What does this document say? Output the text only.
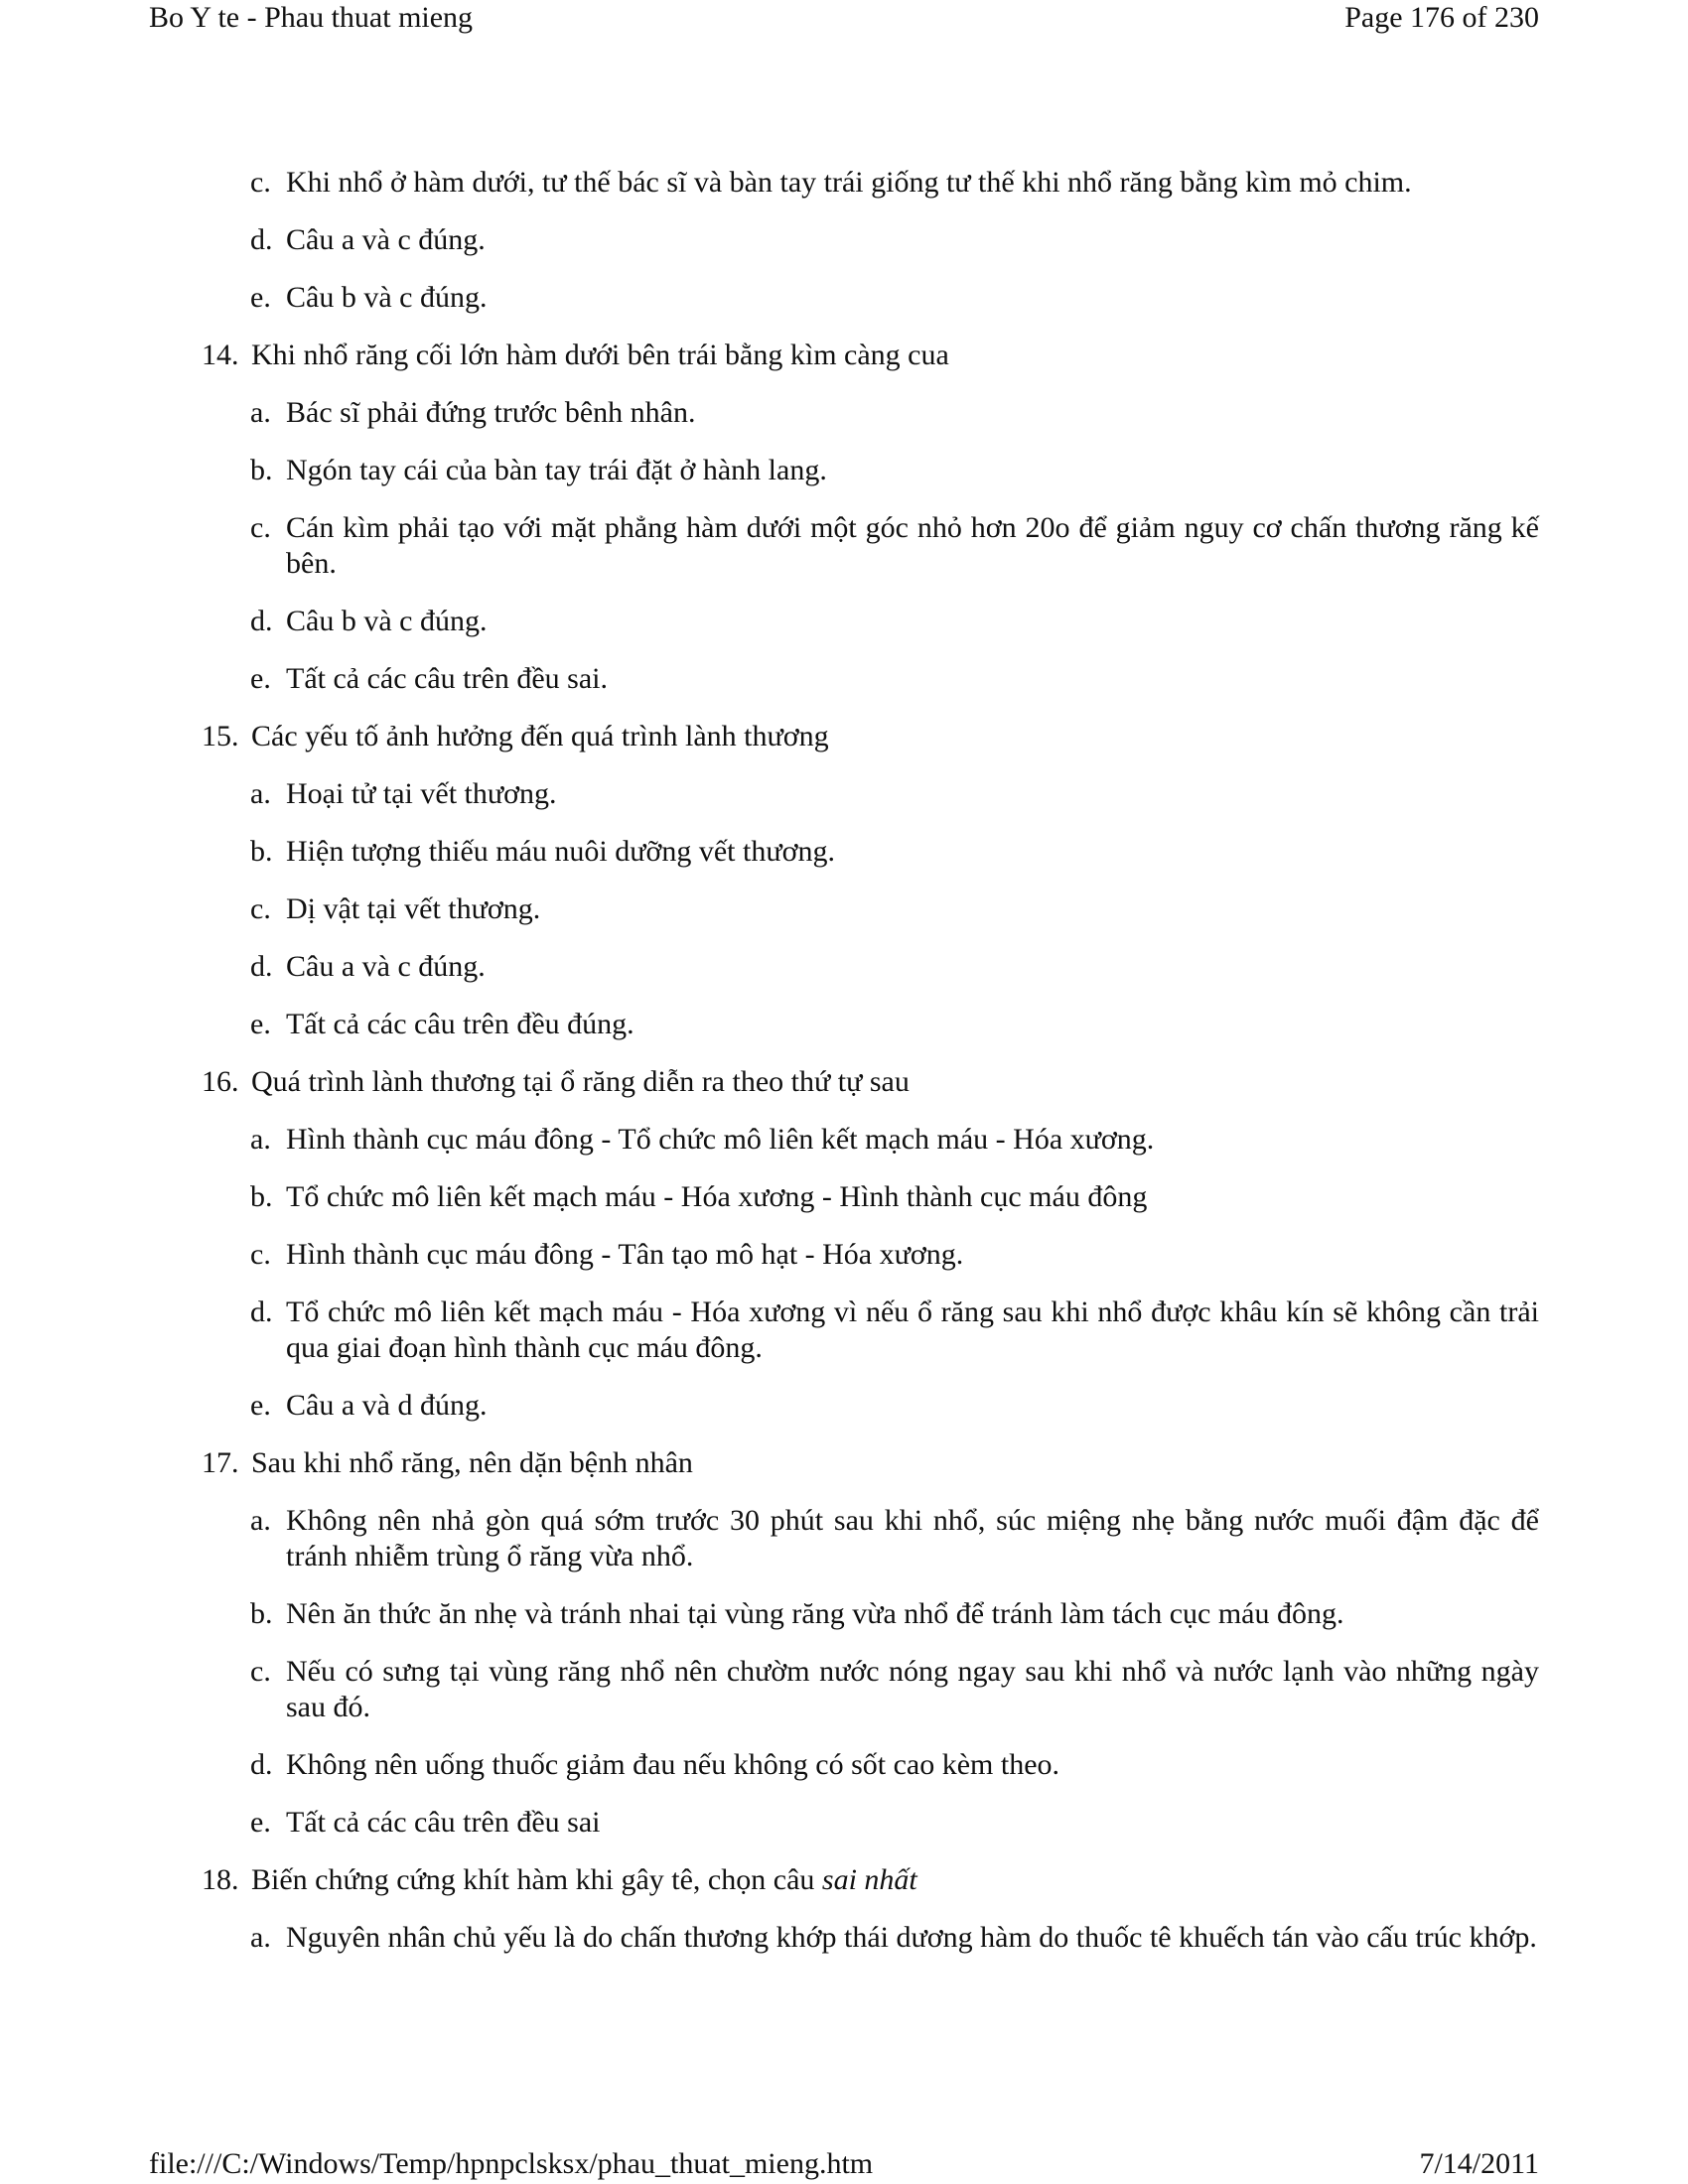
Bo Y te - Phau thuat mieng	Page 176 of 230
c. Khi nhổ ở hàm dưới, tư thế bác sĩ và bàn tay trái giống tư thế khi nhổ răng bằng kìm mỏ chim.
d. Câu a và c đúng.
e. Câu b và c đúng.
14. Khi nhổ răng cối lớn hàm dưới bên trái bằng kìm càng cua
a. Bác sĩ phải đứng trước bênh nhân.
b. Ngón tay cái của bàn tay trái đặt ở hành lang.
c. Cán kìm phải tạo với mặt phẳng hàm dưới một góc nhỏ hơn 20o để giảm nguy cơ chấn thương răng kế bên.
d. Câu b và c đúng.
e. Tất cả các câu trên đều sai.
15. Các yếu tố ảnh hưởng đến quá trình lành thương
a. Hoại tử tại vết thương.
b. Hiện tượng thiếu máu nuôi dưỡng vết thương.
c. Dị vật tại vết thương.
d. Câu a và c đúng.
e. Tất cả các câu trên đều đúng.
16. Quá trình lành thương tại ổ răng diễn ra theo thứ tự sau
a. Hình thành cục máu đông - Tổ chức mô liên kết mạch máu - Hóa xương.
b. Tổ chức mô liên kết mạch máu - Hóa xương - Hình thành cục máu đông
c. Hình thành cục máu đông - Tân tạo mô hạt - Hóa xương.
d. Tổ chức mô liên kết mạch máu - Hóa xương vì nếu ổ răng sau khi nhổ được khâu kín sẽ không cần trải qua giai đoạn hình thành cục máu đông.
e. Câu a và d đúng.
17. Sau khi nhổ răng, nên dặn bệnh nhân
a. Không nên nhả gòn quá sớm trước 30 phút sau khi nhổ, súc miệng nhẹ bằng nước muối đậm đặc để tránh nhiễm trùng ổ răng vừa nhổ.
b. Nên ăn thức ăn nhẹ và tránh nhai tại vùng răng vừa nhổ để tránh làm tách cục máu đông.
c. Nếu có sưng tại vùng răng nhổ nên chườm nước nóng ngay sau khi nhổ và nước lạnh vào những ngày sau đó.
d. Không nên uống thuốc giảm đau nếu không có sốt cao kèm theo.
e. Tất cả các câu trên đều sai
18. Biến chứng cứng khít hàm khi gây tê, chọn câu sai nhất
a. Nguyên nhân chủ yếu là do chấn thương khớp thái dương hàm do thuốc tê khuếch tán vào cấu trúc khớp.
file:///C:/Windows/Temp/hpnpclsksx/phau_thuat_mieng.htm	7/14/2011
